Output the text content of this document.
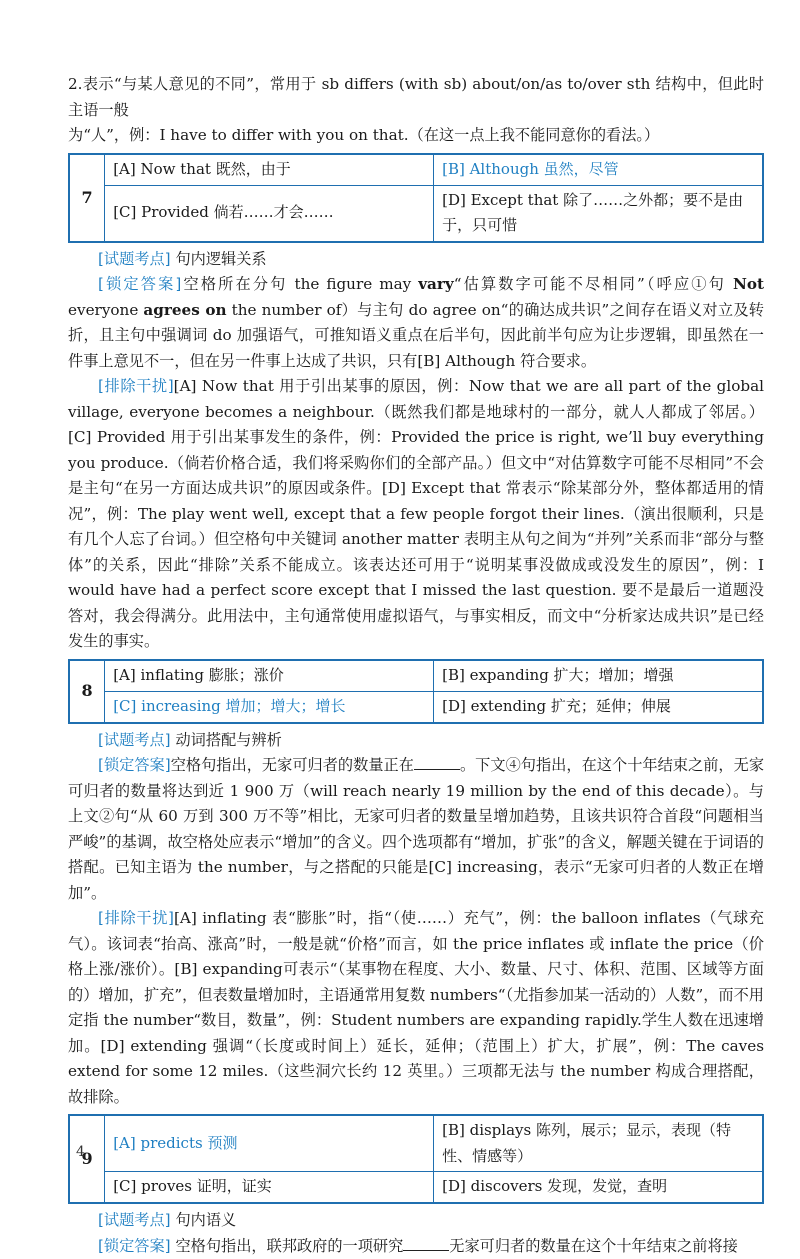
2.表示“与某人意见的不同”，常用于 sb differs (with sb) about/on/as to/over sth 结构中，但此时主语一般

为“人”，例：I have to differ with you on that.（在这一点上我不能同意你的看法。）

7	[A] Now that 既然，由于	[B] Although 虽然，尽管
	[C] Provided 倘若……才会……	[D] Except that 除了……之外都；要不是由于，只可惜

[试题考点] 句内逻辑关系

[锁定答案]空格所在分句 the figure may vary“估算数字可能不尽相同”（呼应①句 Not everyone agrees on the number of）与主句 do agree on“的确达成共识”之间存在语义对立及转折，且主句中强调词 do 加强语气，可推知语义重点在后半句，因此前半句应为让步逻辑，即虽然在一件事上意见不一，但在另一件事上达成了共识，只有[B] Although 符合要求。

[排除干扰][A] Now that 用于引出某事的原因，例：Now that we are all part of the global village, everyone becomes a neighbour.（既然我们都是地球村的一部分，就人人都成了邻居。）[C] Provided 用于引出某事发生的条件，例：Provided the price is right, we’ll buy everything you produce.（倘若价格合适，我们将采购你们的全部产品。）但文中“对估算数字可能不尽相同”不会是主句“在另一方面达成共识”的原因或条件。[D] Except that 常表示“除某部分外，整体都适用的情况”，例：The play went well, except that a few people forgot their lines.（演出很顺利，只是有几个人忘了台词。）但空格句中关键词 another matter 表明主从句之间为“并列”关系而非“部分与整体”的关系，因此“排除”关系不能成立。该表达还可用于“说明某事没做成或没发生的原因”，例：I would have had a perfect score except that I missed the last question. 要不是最后一道题没答对，我会得满分。此用法中，主句通常使用虚拟语气，与事实相反，而文中“分析家达成共识”是已经发生的事实。

8	[A] inflating 膨胀；涨价	[B] expanding 扩大；增加；增强
	[C] increasing 增加；增大；增长	[D] extending 扩充；延伸；伸展

[试题考点] 动词搭配与辨析

[锁定答案]空格句指出，无家可归者的数量正在	。下文④句指出，在这个十年结束之前，无家可归者的数量将达到近 1 900 万（will reach nearly 19 million by the end of this decade）。与上文②句“从 60 万到 300 万不等”相比，无家可归者的数量呈增加趋势，且该共识符合首段“问题相当严峻”的基调，故空格处应表示“增加”的含义。四个选项都有“增加，扩张”的含义，解题关键在于词语的搭配。已知主语为 the number，与之搭配的只能是[C] increasing，表示“无家可归者的人数正在增加”。

[排除干扰][A] inflating 表“膨胀”时，指“（使……）充气”，例：the balloon inflates（气球充气）。该词表“抬高、涨高”时，一般是就“价格”而言，如 the price inflates 或 inflate the price（价格上涨/涨价）。[B] expanding可表示“（某事物在程度、大小、数量、尺寸、体积、范围、区域等方面的）增加，扩充”，但表数量增加时，主语通常用复数 numbers“（尤指参加某一活动的）人数”，而不用定指 the number“数目，数量”，例：Student numbers are expanding rapidly.学生人数在迅速增加。[D] extending 强调“（长度或时间上）延长，延伸；（范围上）扩大，扩展”，例：The caves extend for some 12 miles.（这些洞穴长约 12 英里。）三项都无法与 the number 构成合理搭配，故排除。

9	[A] predicts 预测	[B] displays 陈列，展示；显示，表现（特性、情感等）
	[C] proves 证明，证实	[D] discovers 发现，发觉，查明

[试题考点] 句内语义

[锁定答案] 空格句指出，联邦政府的一项研究	无家可归者的数量在这个十年结束之前将接

4
